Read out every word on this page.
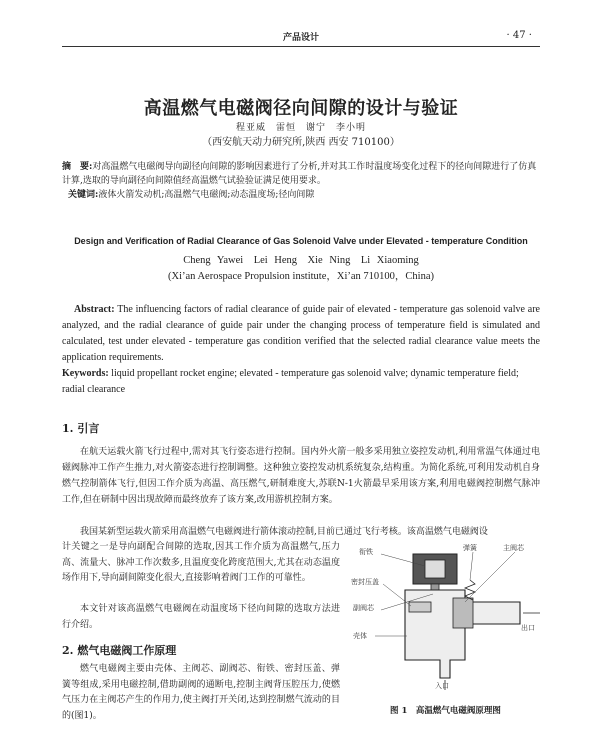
产品设计	· 47 ·
高温燃气电磁阀径向间隙的设计与验证
程亚威　雷恒　谢宁　李小明
（西安航天动力研究所,陕西 西安 710100）
摘　要:对高温燃气电磁阀导向副径向间隙的影响因素进行了分析,并对其工作时温度场变化过程下的径向间隙进行了仿真计算,选取的导向副径向间隙值经高温燃气试验验证满足使用要求。
关键词:液体火箭发动机;高温燃气电磁阀;动态温度场;径向间隙
Design and Verification of Radial Clearance of Gas Solenoid Valve under Elevated - temperature Condition
Cheng Yawei　Lei Heng　Xie Ning　Li Xiaoming
(Xi’an Aerospace Propulsion institute，Xi’an 710100，China)
Abstract: The influencing factors of radial clearance of guide pair of elevated - temperature gas solenoid valve are analyzed, and the radial clearance of guide pair under the changing process of temperature field is simulated and calculated, test under elevated - temperature gas condition verified that the selected radial clearance value meets the application requirements.
Keywords: liquid propellant rocket engine; elevated - temperature gas solenoid valve; dynamic temperature field; radial clearance
1. 引言
在航天运载火箭飞行过程中,需对其飞行姿态进行控制。国内外火箭一般多采用独立姿控发动机,利用常温气体通过电磁阀脉冲工作产生推力,对火箭姿态进行控制调整。这种独立姿控发动机系统复杂,结构重。为简化系统,可利用发动机自身燃气控制箭体飞行,但因工作介质为高温、高压燃气,研制难度大,苏联N-1火箭最早采用该方案,利用电磁阀控制燃气脉冲工作,但在研制中因出现故障而最终放弃了该方案,改用游机控制方案。
我国某新型运载火箭采用高温燃气电磁阀进行箭体滚动控制,目前已通过飞行考核。该高温燃气电磁阀设
计关键之一是导向副配合间隙的选取,因其工作介质为高温燃气,压力高、流量大、脉冲工作次数多,且温度变化跨度范围大,尤其在动态温度场作用下,导向副间隙变化很大,直接影响着阀门工作的可靠性。
本文针对该高温燃气电磁阀在动温度场下径向间隙的选取方法进行介绍。
2. 燃气电磁阀工作原理
燃气电磁阀主要由壳体、主阀芯、副阀芯、衔铁、密封压盖、弹簧等组成,采用电磁控制,借助副阀的通断电,控制主阀背压腔压力,使燃气压力在主阀芯产生的作用力,使主阀打开关闭,达到控制燃气流动的目的(图1)。
衔铁	弹簧	主阀芯
密封压盖
副阀芯
壳体
出口
入口
图 1　高温燃气电磁阀原理图
